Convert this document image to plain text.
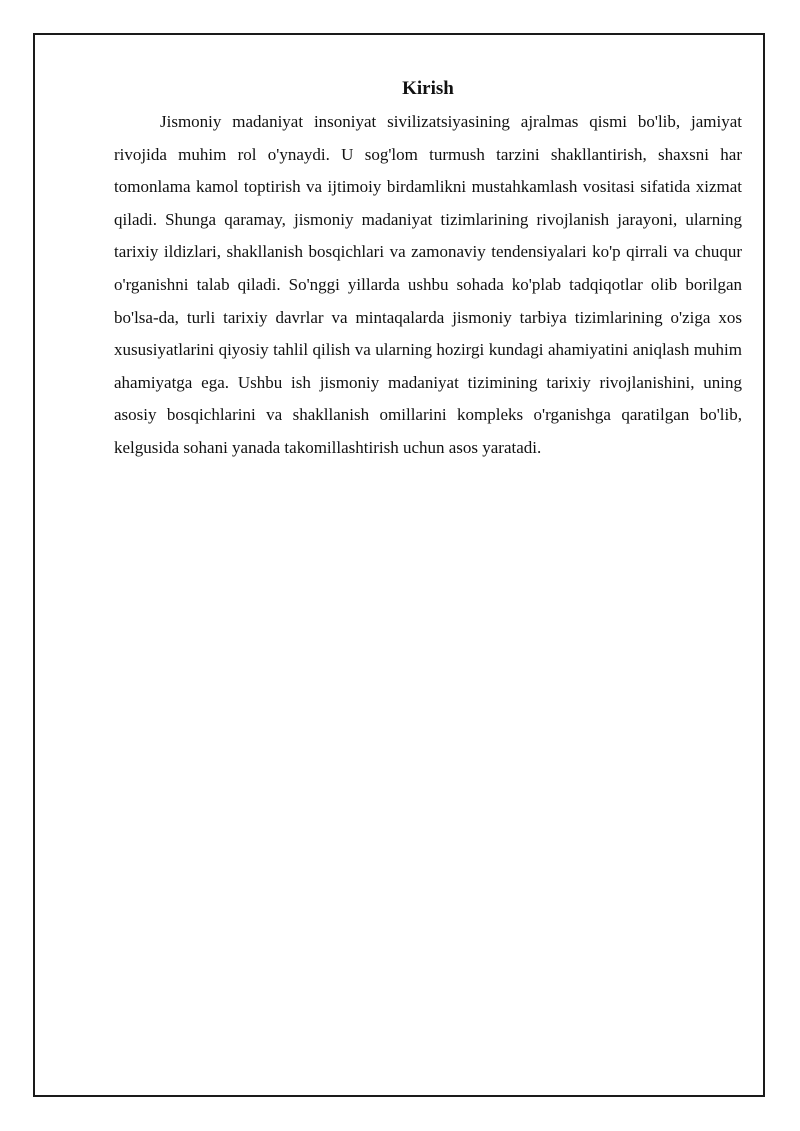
Kirish

Jismoniy madaniyat insoniyat sivilizatsiyasining ajralmas qismi bo'lib, jamiyat rivojida muhim rol o'ynaydi. U sog'lom turmush tarzini shakllantirish, shaxsni har tomonlama kamol toptirish va ijtimoiy birdamlikni mustahkamlash vositasi sifatida xizmat qiladi. Shunga qaramay, jismoniy madaniyat tizimlarining rivojlanish jarayoni, ularning tarixiy ildizlari, shakllanish bosqichlari va zamonaviy tendensiyalari ko'p qirrali va chuqur o'rganishni talab qiladi. So'nggi yillarda ushbu sohada ko'plab tadqiqotlar olib borilgan bo'lsa-da, turli tarixiy davrlar va mintaqalarda jismoniy tarbiya tizimlarining o'ziga xos xususiyatlarini qiyosiy tahlil qilish va ularning hozirgi kundagi ahamiyatini aniqlash muhim ahamiyatga ega. Ushbu ish jismoniy madaniyat tizimining tarixiy rivojlanishini, uning asosiy bosqichlarini va shakllanish omillarini kompleks o'rganishga qaratilgan bo'lib, kelgusida sohani yanada takomillashtirish uchun asos yaratadi.
